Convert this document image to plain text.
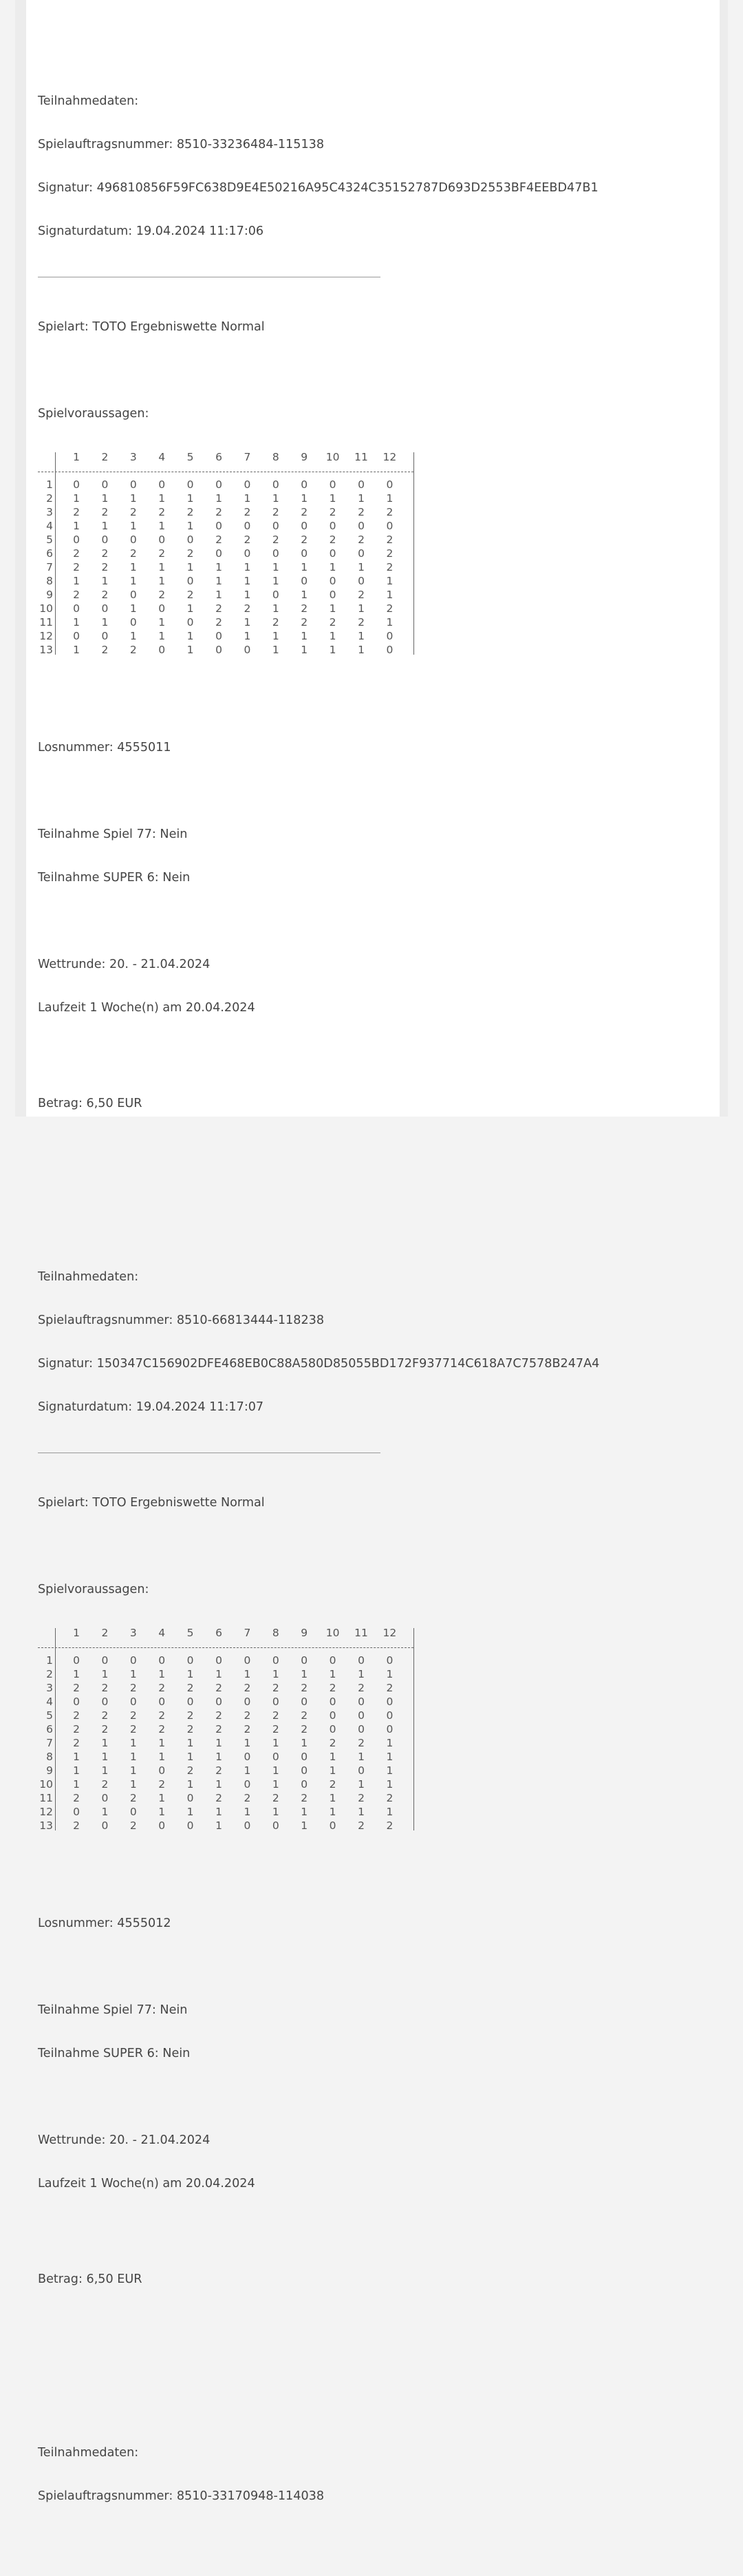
Teilnahmedaten:

Spielauftragsnummer: 8510-33236484-115138

Signatur: 496810856F59FC638D9E4E50216A95C4324C35152787D693D2553BF4EEBD47B1

Signaturdatum: 19.04.2024 11:17:06

Spielart: TOTO Ergebniswette Normal

Spielvoraussagen:

1	2	3	4	5	6	7	8	9	10 11 12
1	0	0	0	0	0	0	0	0	0	0	0	0
2	1	1	1	1	1	1	1	1	1	1	1	1
3	2	2	2	2	2	2	2	2	2	2	2	2
4	1	1	1	1	1	0	0	0	0	0	0	0
5	0	0	0	0	0	2	2	2	2	2	2	2
6	2	2	2	2	2	0	0	0	0	0	0	2
7	2	2	1	1	1	1	1	1	1	1	1	2
8	1	1	1	1	0	1	1	1	0	0	0	1
9	2	2	0	2	2	1	1	0	1	0	2	1
10	0	0	1	0	1	2	2	1	2	1	1	2
11	1	1	0	1	0	2	1	2	2	2	2	1
12	0	0	1	1	1	0	1	1	1	1	1	0
13	1	2	2	0	1	0	0	1	1	1	1	0

Losnummer: 4555011

Teilnahme Spiel 77: Nein

Teilnahme SUPER 6: Nein

Wettrunde: 20. - 21.04.2024

Laufzeit 1 Woche(n) am 20.04.2024

Betrag: 6,50 EUR

Teilnahmedaten:

Spielauftragsnummer: 8510-66813444-118238

Signatur: 150347C156902DFE468EB0C88A580D85055BD172F937714C618A7C7578B247A4

Signaturdatum: 19.04.2024 11:17:07

Spielart: TOTO Ergebniswette Normal

Spielvoraussagen:

1	2	3	4	5	6	7	8	9	10 11 12
1	0	0	0	0	0	0	0	0	0	0	0	0
2	1	1	1	1	1	1	1	1	1	1	1	1
3	2	2	2	2	2	2	2	2	2	2	2	2
4	0	0	0	0	0	0	0	0	0	0	0	0
5	2	2	2	2	2	2	2	2	2	0	0	0
6	2	2	2	2	2	2	2	2	2	0	0	0
7	2	1	1	1	1	1	1	1	1	2	2	1
8	1	1	1	1	1	1	0	0	0	1	1	1
9	1	1	1	0	2	2	1	1	0	1	0	1
10	1	2	1	2	1	1	0	1	0	2	1	1
11	2	0	2	1	0	2	2	2	2	1	2	2
12	0	1	0	1	1	1	1	1	1	1	1	1
13	2	0	2	0	0	1	0	0	1	0	2	2

Losnummer: 4555012

Teilnahme Spiel 77: Nein

Teilnahme SUPER 6: Nein

Wettrunde: 20. - 21.04.2024

Laufzeit 1 Woche(n) am 20.04.2024

Betrag: 6,50 EUR

Teilnahmedaten:

Spielauftragsnummer: 8510-33170948-114038
